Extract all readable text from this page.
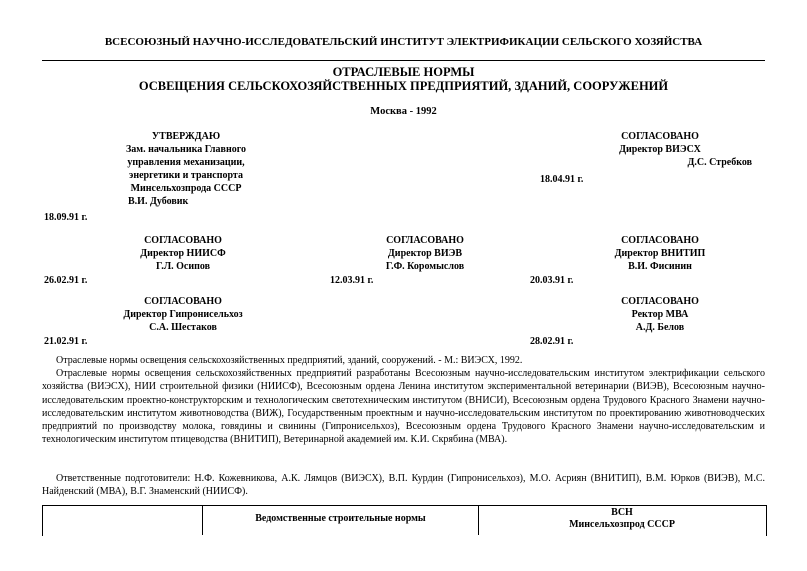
ВСЕСОЮЗНЫЙ НАУЧНО-ИССЛЕДОВАТЕЛЬСКИЙ ИНСТИТУТ ЭЛЕКТРИФИКАЦИИ СЕЛЬСКОГО ХОЗЯЙСТВА
ОТРАСЛЕВЫЕ НОРМЫ
ОСВЕЩЕНИЯ СЕЛЬСКОХОЗЯЙСТВЕННЫХ ПРЕДПРИЯТИЙ, ЗДАНИЙ, СООРУЖЕНИЙ
Москва - 1992
УТВЕРЖДАЮ
Зам. начальника Главного
управления механизации,
энергетики и транспорта
Минсельхозпрода СССР
В.И. Дубовик
18.09.91 г.
СОГЛАСОВАНО
Директор ВИЭСХ
Д.С. Стребков
18.04.91 г.
СОГЛАСОВАНО
Директор НИИСФ
Г.Л. Осипов
26.02.91 г.
СОГЛАСОВАНО
Директор ВИЭВ
Г.Ф. Коромыслов
12.03.91 г.
СОГЛАСОВАНО
Директор ВНИТИП
В.И. Фисинин
20.03.91 г.
СОГЛАСОВАНО
Директор Гипронисельхоз
С.А. Шестаков
21.02.91 г.
СОГЛАСОВАНО
Ректор МВА
А.Д. Белов
28.02.91 г.
Отраслевые нормы освещения сельскохозяйственных предприятий, зданий, сооружений. - М.: ВИЭСХ, 1992.
Отраслевые нормы освещения сельскохозяйственных предприятий разработаны Всесоюзным научно-исследовательским институтом электрификации сельского хозяйства (ВИЭСХ), НИИ строительной физики (НИИСФ), Всесоюзным ордена Ленина институтом экспериментальной ветеринарии (ВИЭВ), Всесоюзным научно-исследовательским проектно-конструкторским и технологическим светотехническим институтом (ВНИСИ), Всесоюзным ордена Трудового Красного Знамени научно-исследовательским институтом животноводства (ВИЖ), Государственным проектным и научно-исследовательским институтом по проектированию животноводческих предприятий по производству молока, говядины и свинины (Гипронисельхоз), Всесоюзным ордена Трудового Красного Знамени научно-исследовательским и технологическим институтом птицеводства (ВНИТИП), Ветеринарной академией им. К.И. Скрябина (МВА).
Ответственные подготовители: Н.Ф. Кожевникова, А.К. Лямцов (ВИЭСХ), В.П. Курдин (Гипронисельхоз), М.О. Асриян (ВНИТИП), В.М. Юрков (ВИЭВ), М.С. Найденский (МВА), В.Г. Знаменский (НИИСФ).
Ведомственные строительные нормы
ВСН
Минсельхозпрод СССР
